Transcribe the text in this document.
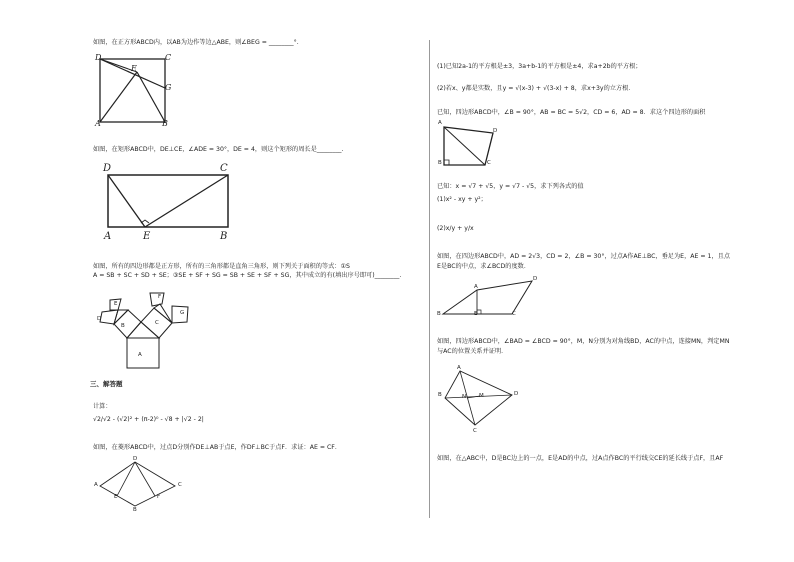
如图，在正方形ABCD内，以AB为边作等边△ABE，则∠BEG = ________°.
D	C
E
G
A	B
如图，在矩形ABCD中，DE⊥CE，∠ADE = 30°，DE = 4，则这个矩形的周长是________.
D	C
A	E	B
如图，所有的四边形都是正方形，所有的三角形都是直角三角形，则下列关于面积的等式：①S
A = SB + SC + SD + SE；③SE + SF + SG = SB + SE + SF + SG，其中成立的有(填出序号即可)________.
E
F
D
B	C
G
A
三、解答题
计算：
√2/√2 - (√2)² + (π-2)⁰ - √8 + |√2 - 2|
如图，在菱形ABCD中，过点D分别作DE⊥AB于点E，作DF⊥BC于点F．求证：AE = CF．
D
A
E	F
C
B
(1)已知2a-1的平方根是±3，3a+b-1的平方根是±4，求a+2b的平方根；
(2)若x、y都是实数，且y = √(x-3) + √(3-x) + 8，求x+3y的立方根．
已知，四边形ABCD中，∠B = 90°，AB = BC = 5√2，CD = 6，AD = 8．求这个四边形的面积
A
D
B	C
已知：x = √7 + √5，y = √7 - √5，求下列各式的值
(1)x² - xy + y²；
(2)x/y + y/x
如图，在四边形ABCD中，AD = 2√3，CD = 2，∠B = 30°，过点A作AE⊥BC，垂足为E，AE = 1，且点
E是BC的中点，求∠BCD的度数．
D
A
B	E	C
如图，四边形ABCD中，∠BAD = ∠BCD = 90°，M，N分别为对角线BD，AC的中点，连接MN，判定MN
与AC的位置关系并证明．
A
B	N M	D
C
如图，在△ABC中，D是BC边上的一点，E是AD的中点，过A点作BC的平行线交CE的延长线于点F，且AF
